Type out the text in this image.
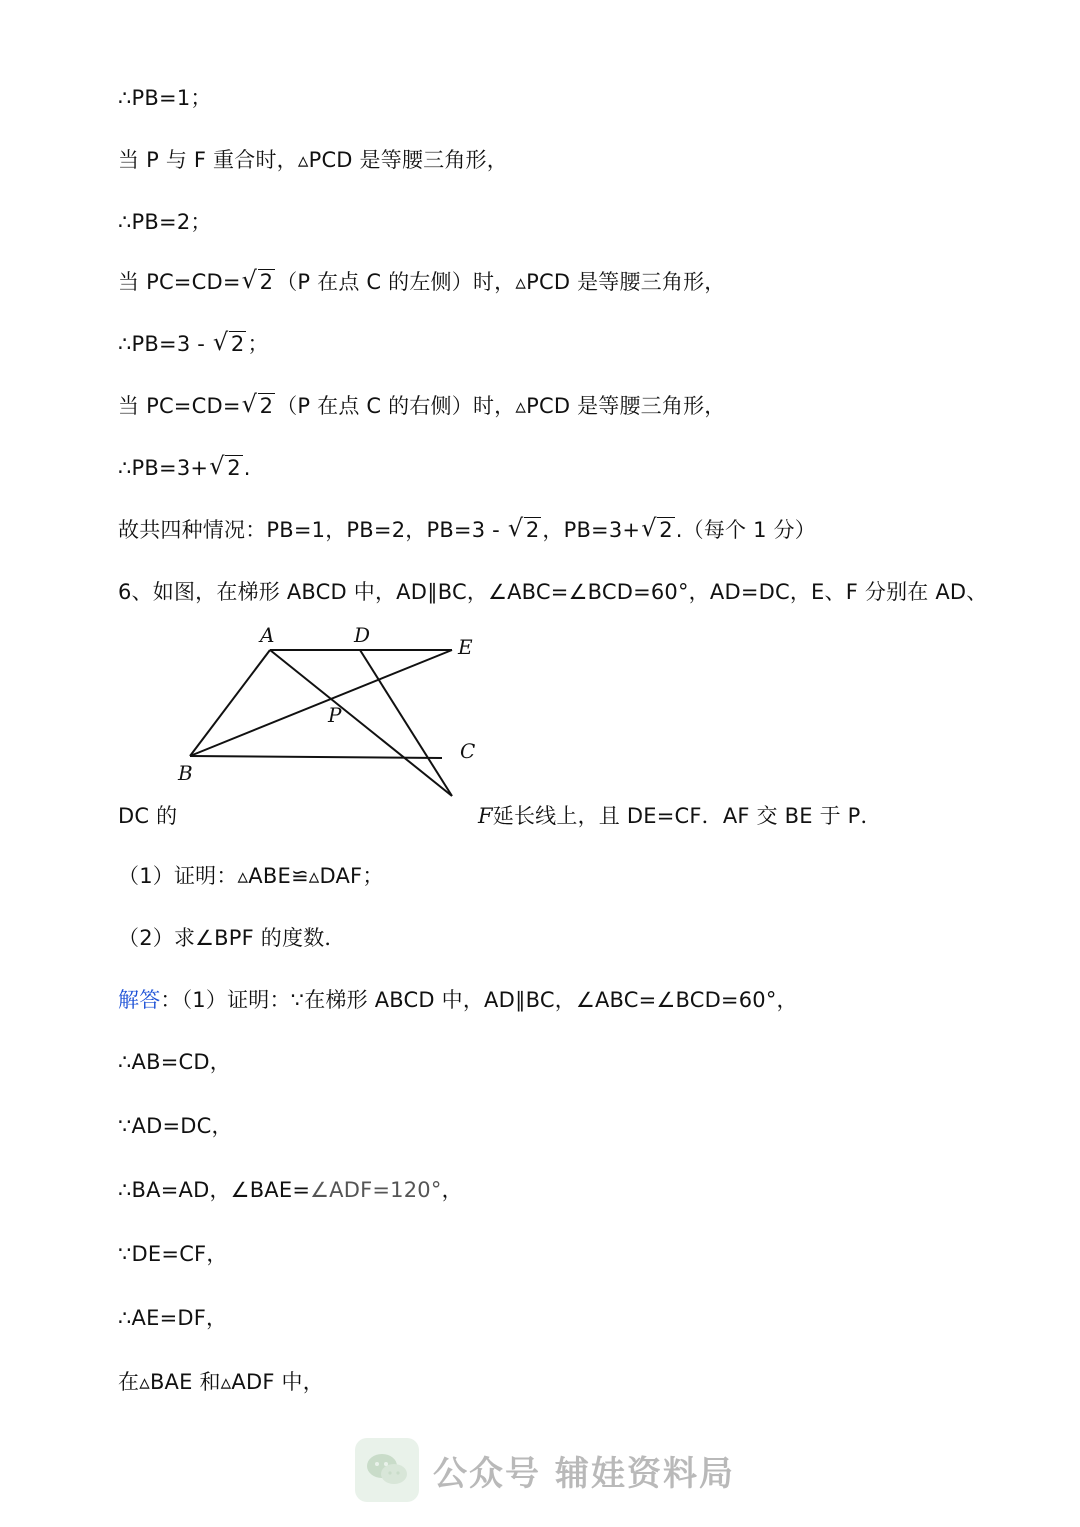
∴PB=1；
当 P 与 F 重合时，▵PCD 是等腰三角形，
∴PB=2；
当 PC=CD= √ 2 （P 在点 C 的左侧）时，▵PCD 是等腰三角形，
∴PB=3 - √ 2 ；
当 PC=CD= √ 2 （P 在点 C 的右侧）时，▵PCD 是等腰三角形，
∴PB=3+ √ 2 .
故共四种情况：PB=1，PB=2，PB=3 - √ 2 ，PB=3+ √ 2 .（每个 1 分）
6、如图，在梯形 ABCD 中，AD∥BC，∠ABC=∠BCD=60°，AD=DC，E、F 分别在 AD、
A	D	E
P
B
C
DC 的	F延长线上，且 DE=CF．AF 交 BE 于 P．
（1）证明：▵ABE≌▵DAF；
（2）求∠BPF 的度数．
解答：（1）证明：∵在梯形 ABCD 中，AD∥BC，∠ABC=∠BCD=60°，
∴AB=CD，
∵AD=DC，
∴BA=AD，∠BAE=∠ADF=120°，
∵DE=CF，
∴AE=DF，
在▵BAE 和▵ADF 中，
公众号 辅娃资料局
